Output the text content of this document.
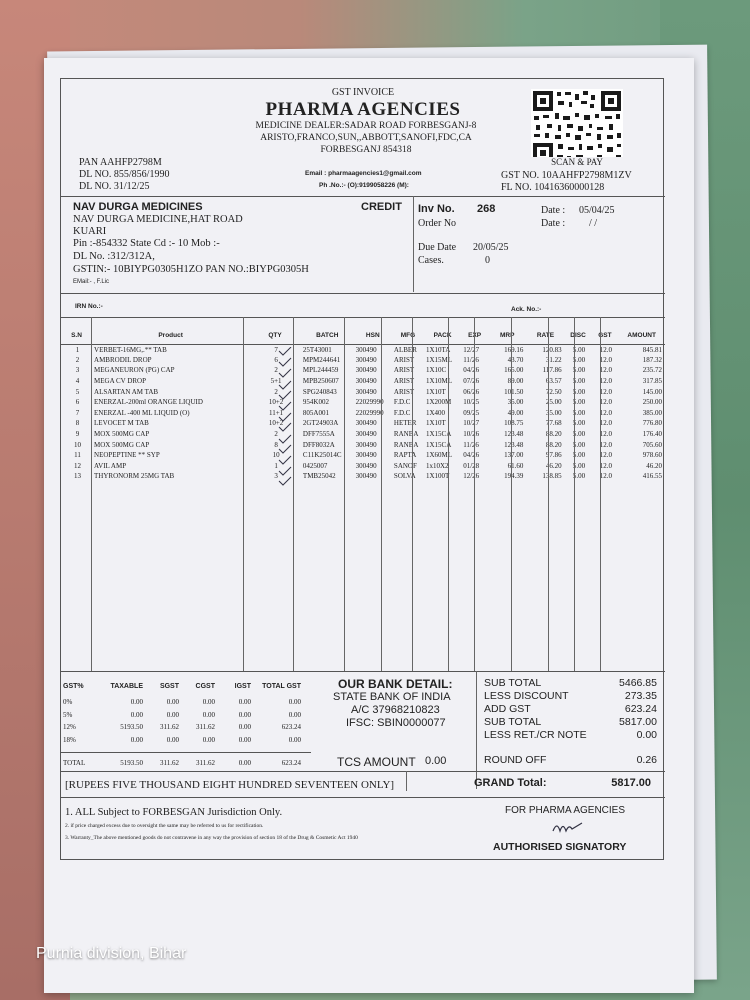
GST INVOICE
PHARMA AGENCIES
MEDICINE DEALER:SADAR ROAD FORBESGANJ-8
ARISTO,FRANCO,SUN,,ABBOTT,SANOFI,FDC,CA
FORBESGANJ 854318
SCAN & PAY
PAN AAHFP2798M
DL NO. 855/856/1990
DL NO. 31/12/25
Email : pharmaagencies1@gmail.com
Ph .No.:- (O):9199058226 (M):
GST NO. 10AAHFP2798M1ZV
FL NO. 10416360000128
NAV DURGA MEDICINES	CREDIT
NAV DURGA MEDICINE,HAT ROAD
KUARI
Pin :-854332 State Cd :- 10 Mob :-
DL No. :312/312A,
GSTIN:- 10BIYPG0305H1ZO PAN NO.:BIYPG0305H
EMail:- , F.Lic
Inv No. 268	Date : 05/04/25
Order No	Date : / /
Due Date 20/05/25
Cases.	0
IRN No.:-	Ack. No.:-
S.N	Product	QTY	BATCH	HSN	MFG	PACK	EXP	MRP	RATE	DISC	GST	AMOUNT
1	VERBET-16MG,.** TAB	7	25T43001	300490	ALBER	1X10TA	12/27	169.16	120.83	5.00	12.0	845.81
2	AMBRODIL DROP	6	MPM244641	300490	ARIST	1X15ML	11/26	43.70	31.22	5.00	12.0	187.32
3	MEGANEURON (PG) CAP	2	MPL244459	300490	ARIST	1X10C	04/26	165.00	117.86	5.00	12.0	235.72
4	MEGA CV DROP	5+1	MPB250607	300490	ARIST	1X10ML	07/26	89.00	63.57	5.00	12.0	317.85
5	ALSARTAN AM TAB	2	SPG240843	300490	ARIST	1X10T	06/26	101.50	72.50	5.00	12.0	145.00
6	ENERZAL-200ml ORANGE LIQUID	10+2	954K002	22029990	F.D.C	1X200M	10/25	35.00	25.00	5.00	12.0	250.00
7	ENERZAL -400 ML LIQUID (O)	11+1	805A001	22029990	F.D.C	1X400	09/25	49.00	35.00	5.00	12.0	385.00
8	LEVOCET M TAB	10+2	2GT24903A	300490	HETER	1X10T	10/27	108.75	77.68	5.00	12.0	776.80
9	MOX 500MG CAP	2	DFF7555A	300490	RANBA	1X15CA	10/26	123.48	88.20	5.00	12.0	176.40
10	MOX 500MG CAP	8	DFF8032A	300490	RANBA	1X15CA	11/26	123.48	88.20	5.00	12.0	705.60
11	NEOPEPTINE ** SYP	10	C11K25014C	300490	RAPTA	1X60ML	04/26	137.00	97.86	5.00	12.0	978.60
12	AVIL AMP	1	0425007	300490	SANOF	1x10X2	01/28	61.60	46.20	5.00	12.0	46.20
13	THYRONORM 25MG TAB	3	TMB25042	300490	SOLVA	1X100T	12/26	194.39	138.85	5.00	12.0	416.55
GST%	TAXABLE	SGST	CGST	IGST	TOTAL GST
0%	0.00	0.00	0.00	0.00	0.00
5%	0.00	0.00	0.00	0.00	0.00
12%	5193.50	311.62	311.62	0.00	623.24
18%	0.00	0.00	0.00	0.00	0.00
TOTAL	5193.50	311.62	311.62	0.00	623.24
OUR BANK DETAIL:
STATE BANK OF INDIA
A/C 37968210823
IFSC: SBIN0000077
SUB TOTAL	5466.85
LESS DISCOUNT	273.35
ADD GST	623.24
SUB TOTAL	5817.00
LESS RET./CR NOTE	0.00
TCS AMOUNT 0.00	ROUND OFF	0.26
[RUPEES FIVE THOUSAND EIGHT HUNDRED SEVENTEEN ONLY]	GRAND Total:	5817.00
1. ALL Subject to FORBESGAN Jurisdiction Only.
2. if price charged excess due to oversight the same may be referred to us for rectification.
3. Warranty_The above mentioned goods do not contravene in any way the provision of section 18 of the Drug & Cosmetic Act 1940
FOR PHARMA AGENCIES
AUTHORISED SIGNATORY
Purnia division, Bihar
